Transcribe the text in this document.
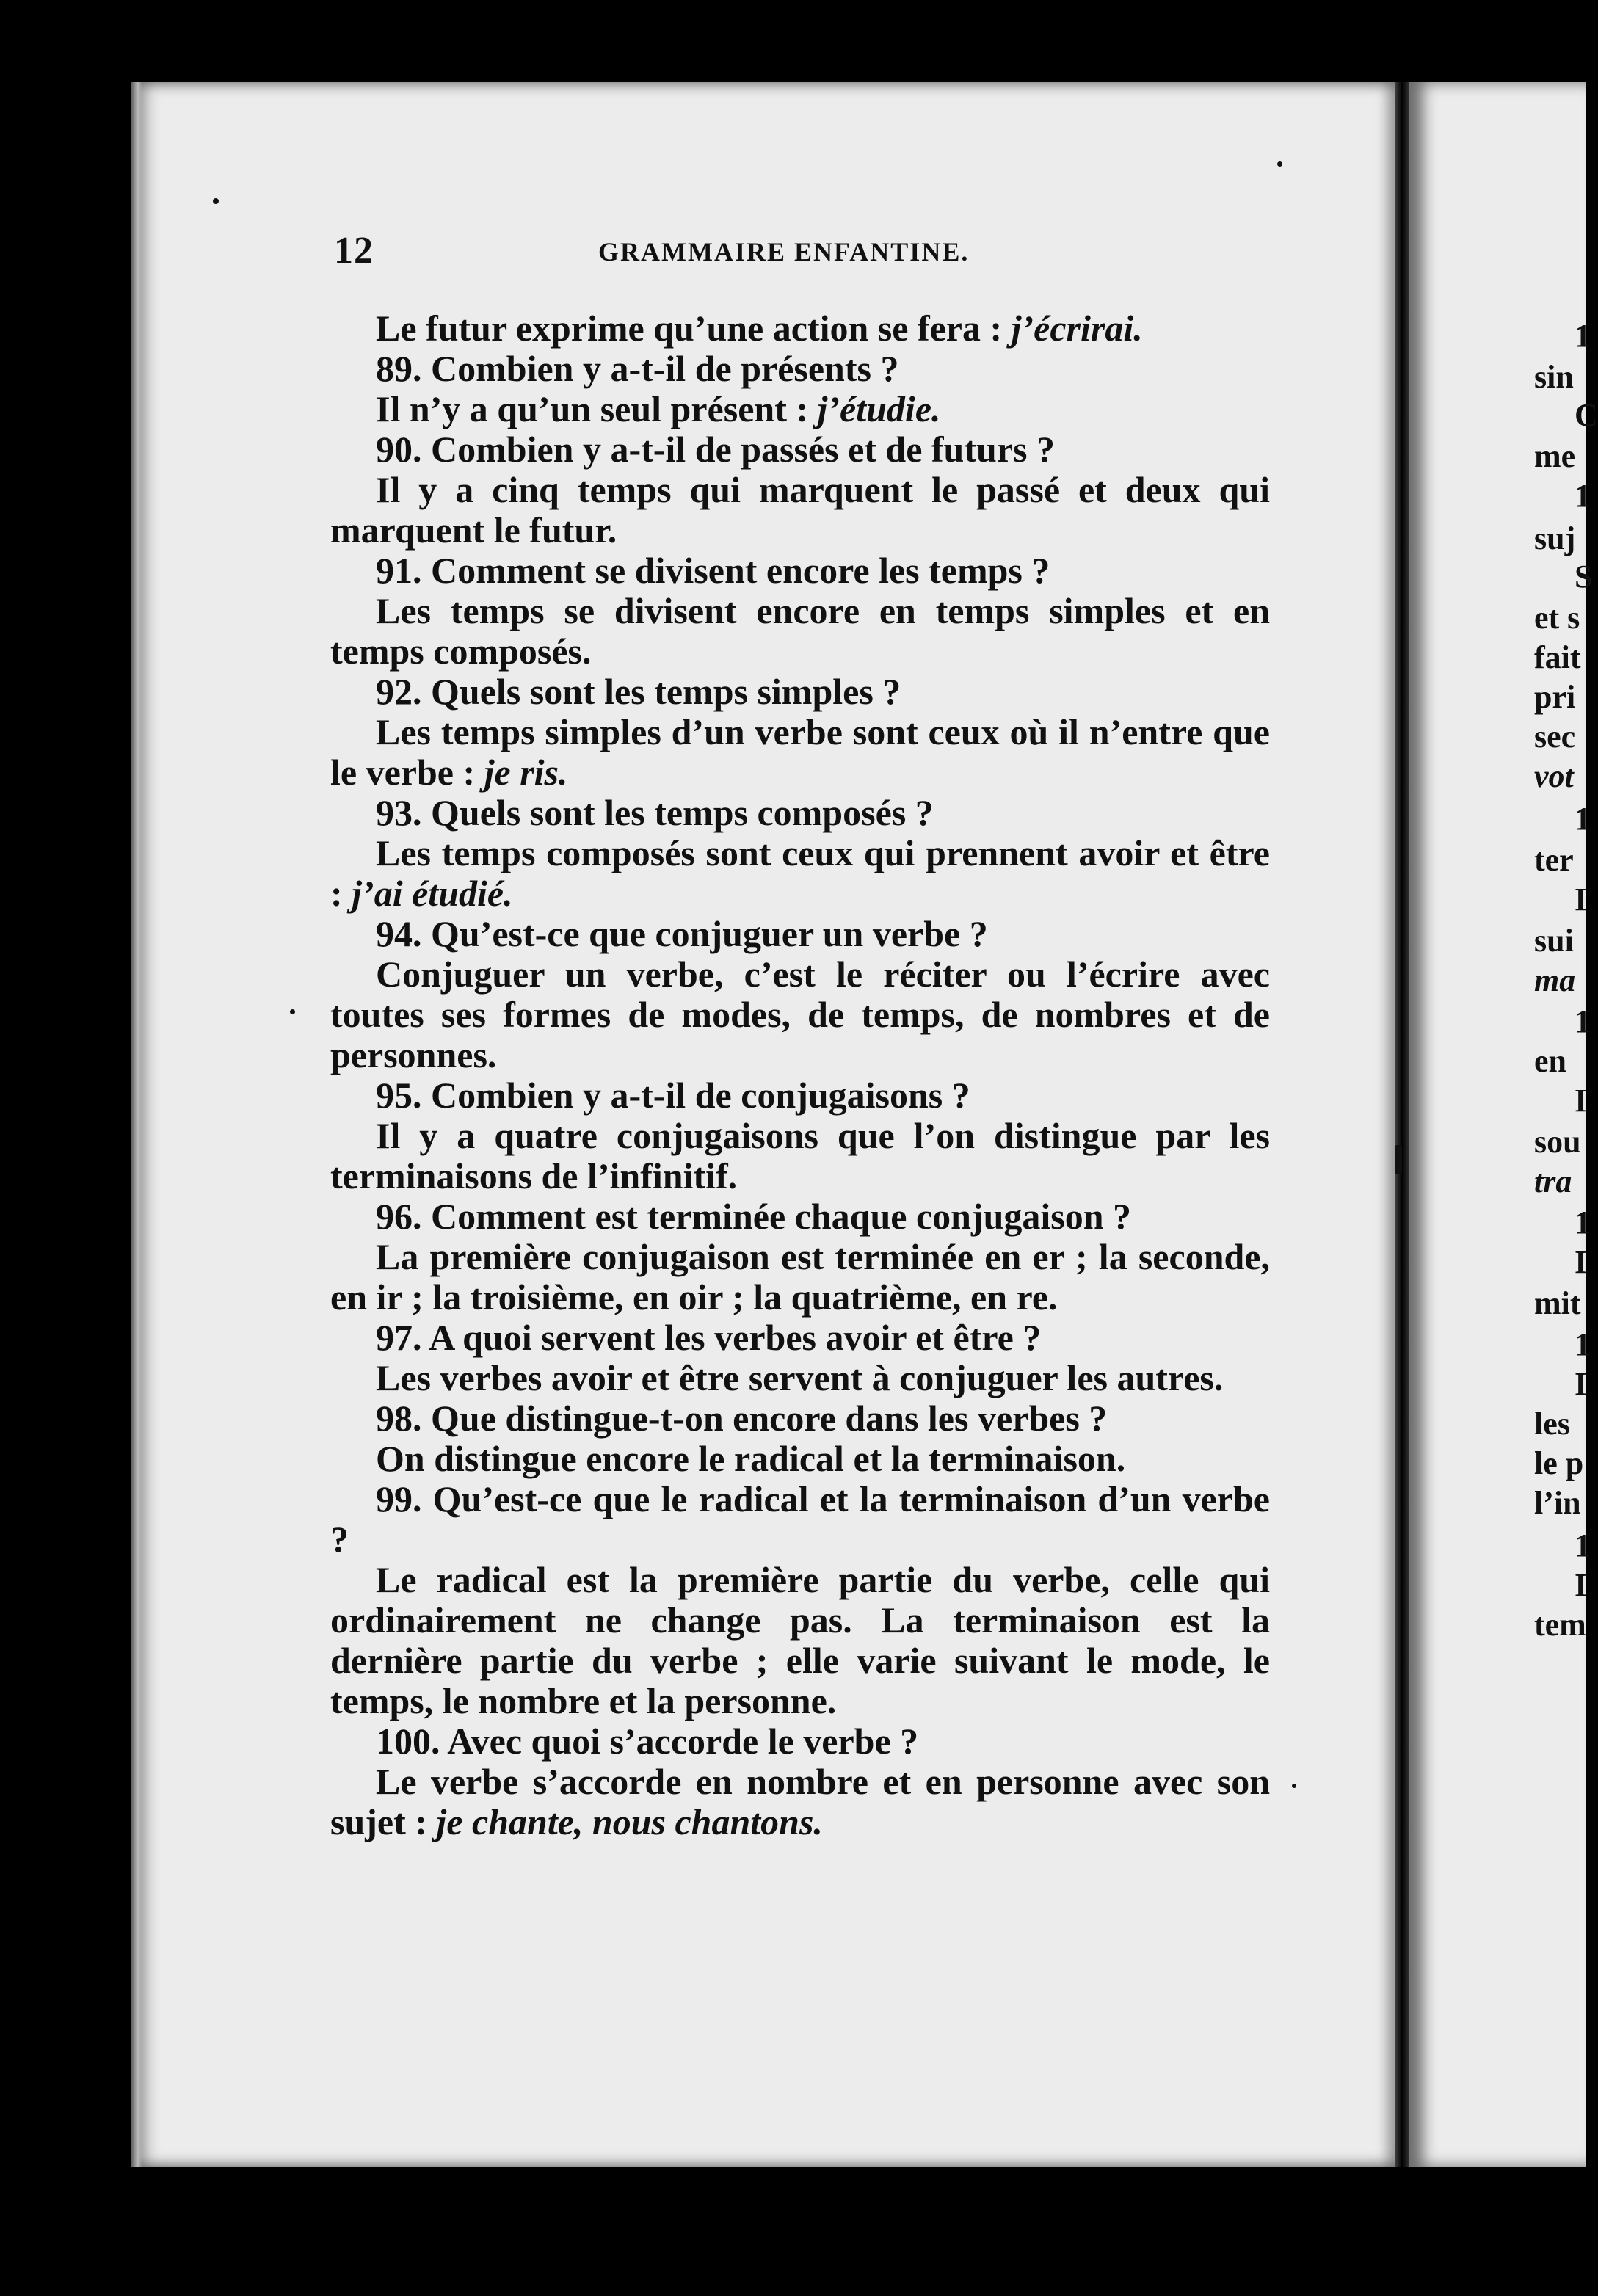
12	GRAMMAIRE ENFANTINE.

Le futur exprime qu’une action se fera : j’écrirai.

89. Combien y a-t-il de présents ?

Il n’y a qu’un seul présent : j’étudie.

90. Combien y a-t-il de passés et de futurs ?

Il y a cinq temps qui marquent le passé et deux qui marquent le futur.

91. Comment se divisent encore les temps ?

Les temps se divisent encore en temps simples et en temps composés.

92. Quels sont les temps simples ?

Les temps simples d’un verbe sont ceux où il n’entre que le verbe : je ris.

93. Quels sont les temps composés ?

Les temps composés sont ceux qui prennent avoir et être : j’ai étudié.

94. Qu’est-ce que conjuguer un verbe ?

Conjuguer un verbe, c’est le réciter ou l’écrire avec toutes ses formes de modes, de temps, de nombres et de personnes.

95. Combien y a-t-il de conjugaisons ?

Il y a quatre conjugaisons que l’on distingue par les terminaisons de l’infinitif.

96. Comment est terminée chaque conjugaison ?

La première conjugaison est terminée en er ; la seconde, en ir ; la troisième, en oir ; la quatrième, en re.

97. A quoi servent les verbes avoir et être ?

Les verbes avoir et être servent à conjuguer les autres.

98. Que distingue-t-on encore dans les verbes ?

On distingue encore le radical et la terminaison.

99. Qu’est-ce que le radical et la terminaison d’un verbe ?

Le radical est la première partie du verbe, celle qui ordinairement ne change pas. La terminaison est la dernière partie du verbe ; elle varie suivant le mode, le temps, le nombre et la personne.

100. Avec quoi s’accorde le verbe ?

Le verbe s’accorde en nombre et en personne avec son sujet : je chante, nous chantons.

1
sin
C
me
1
suj
S
et s
fait
pri
sec
vot
1
ter
I
sui
ma
1
en
I
sou
tra
1
I
mit
1
I
les
le p
l’in
1
I
tem
